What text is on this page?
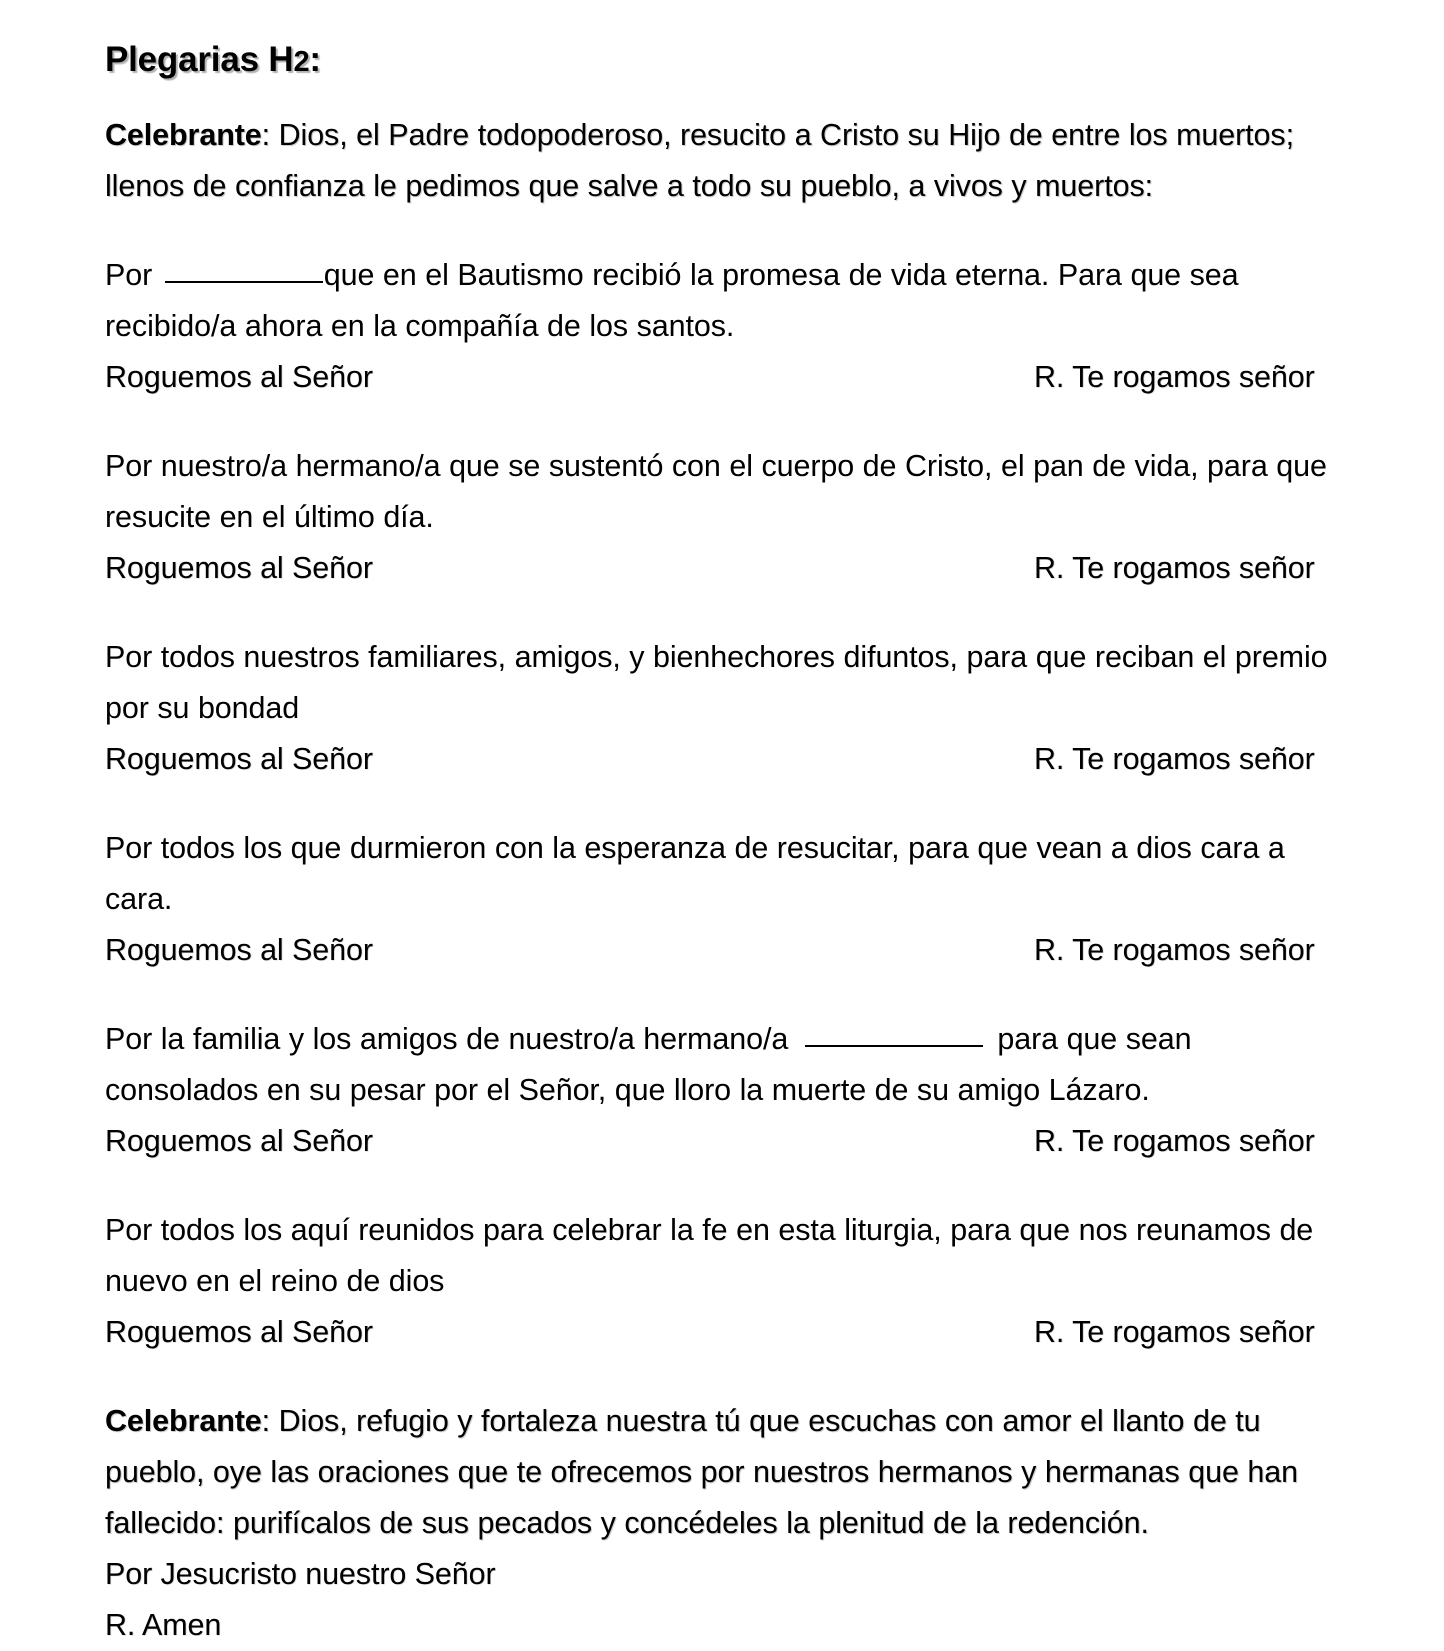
Plegarias H2:

Celebrante: Dios, el Padre todopoderoso, resucito a Cristo su Hijo de entre los muertos; llenos de confianza le pedimos que salve a todo su pueblo, a vivos y muertos:

Por	que en el Bautismo recibió la promesa de vida eterna. Para que sea recibido/a ahora en la compañía de los santos.

Roguemos al Señor	R. Te rogamos señor

Por nuestro/a hermano/a que se sustentó con el cuerpo de Cristo, el pan de vida, para que resucite en el último día.

Roguemos al Señor	R. Te rogamos señor

Por todos nuestros familiares, amigos, y bienhechores difuntos, para que reciban el premio por su bondad

Roguemos al Señor	R. Te rogamos señor

Por todos los que durmieron con la esperanza de resucitar, para que vean a dios cara a cara.

Roguemos al Señor	R. Te rogamos señor

Por la familia y los amigos de nuestro/a hermano/a	para que sean consolados en su pesar por el Señor, que lloro la muerte de su amigo Lázaro.

Roguemos al Señor	R. Te rogamos señor

Por todos los aquí reunidos para celebrar la fe en esta liturgia, para que nos reunamos de nuevo en el reino de dios

Roguemos al Señor	R. Te rogamos señor

Celebrante: Dios, refugio y fortaleza nuestra tú que escuchas con amor el llanto de tu pueblo, oye las oraciones que te ofrecemos por nuestros hermanos y hermanas que han fallecido: purifícalos de sus pecados y concédeles la plenitud de la redención.

Por Jesucristo nuestro Señor
R. Amen
